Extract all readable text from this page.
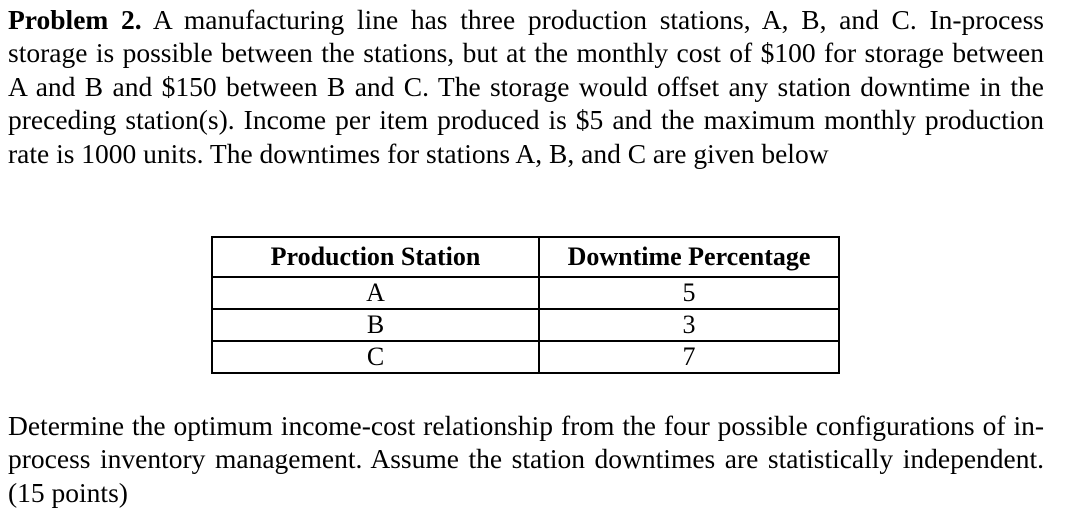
Problem 2. A manufacturing line has three production stations, A, B, and C. In-process storage is possible between the stations, but at the monthly cost of $100 for storage between A and B and $150 between B and C. The storage would offset any station downtime in the preceding station(s). Income per item produced is $5 and the maximum monthly production rate is 1000 units. The downtimes for stations A, B, and C are given below

Production Station	Downtime Percentage
A	5
B	3
C	7

Determine the optimum income-cost relationship from the four possible configurations of in-process inventory management. Assume the station downtimes are statistically independent. (15 points)
